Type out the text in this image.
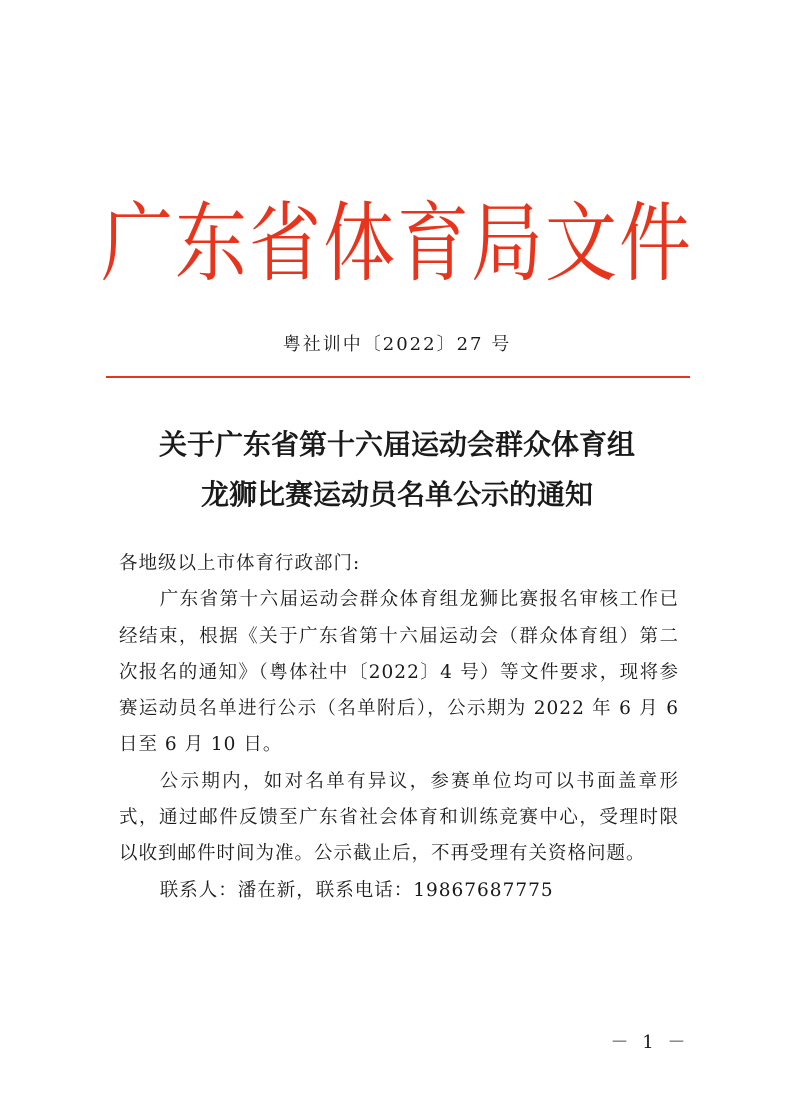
广东省体育局文件
粤社训中〔2022〕27 号
关于广东省第十六届运动会群众体育组
龙狮比赛运动员名单公示的通知

各地级以上市体育行政部门:

广东省第十六届运动会群众体育组龙狮比赛报名审核工作已经结束，根据《关于广东省第十六届运动会（群众体育组）第二次报名的通知》（粤体社中〔2022〕4 号）等文件要求，现将参赛运动员名单进行公示（名单附后），公示期为 2022 年 6 月 6 日至 6 月 10 日。

公示期内，如对名单有异议，参赛单位均可以书面盖章形式，通过邮件反馈至广东省社会体育和训练竞赛中心，受理时限以收到邮件时间为准。公示截止后，不再受理有关资格问题。

联系人：潘在新，联系电话：19867687775

－ 1 －
